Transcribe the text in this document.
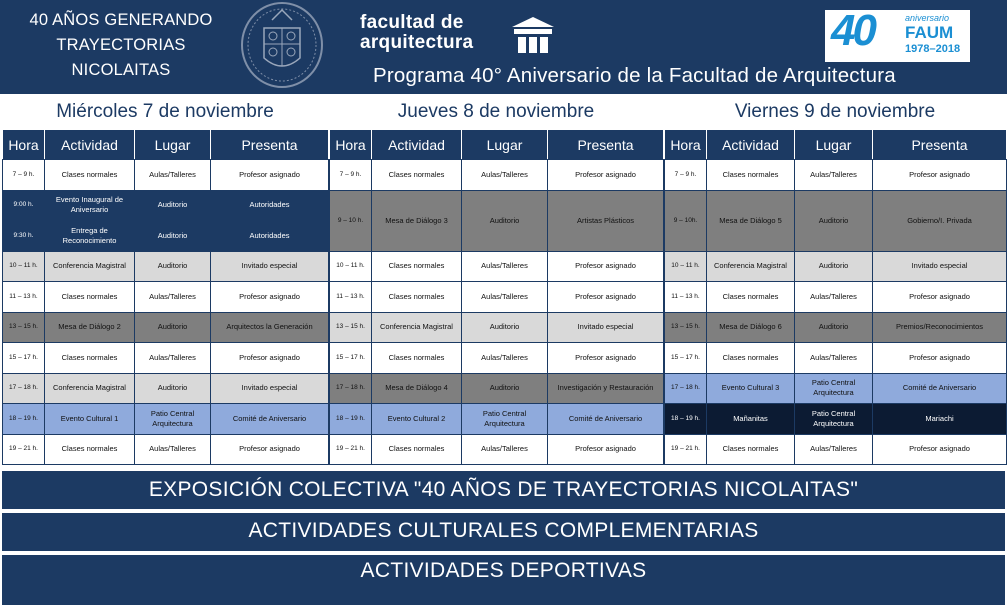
40 AÑOS GENERANDO
TRAYECTORIAS
NICOLAITAS
facultad de
arquitectura	40	aniversario
FAUM
1978–2018
Programa 40° Aniversario de la Facultad de Arquitectura
Miércoles 7 de noviembre
Hora	Actividad	Lugar	Presenta
7 – 9 h.	Clases normales	Aulas/Talleres	Profesor asignado
9:00 h.	Evento Inaugural de Aniversario	Auditorio	Autoridades
9:30 h.	Entrega de Reconocimiento	Auditorio	Autoridades
10 – 11 h.	Conferencia Magistral	Auditorio	Invitado especial
11 – 13 h.	Clases normales	Aulas/Talleres	Profesor asignado
13 – 15 h.	Mesa de Diálogo 2	Auditorio	Arquitectos la Generación
15 – 17 h.	Clases normales	Aulas/Talleres	Profesor asignado
17 – 18 h.	Conferencia Magistral	Auditorio	Invitado especial
18 – 19 h.	Evento Cultural 1	Patio Central Arquitectura	Comité de Aniversario
19 – 21 h.	Clases normales	Aulas/Talleres	Profesor asignado
Jueves 8 de noviembre
Hora	Actividad	Lugar	Presenta
7 – 9 h.	Clases normales	Aulas/Talleres	Profesor asignado
9 – 10 h.	Mesa de Diálogo 3	Auditorio	Artistas Plásticos

10 – 11 h.	Clases normales	Aulas/Talleres	Profesor asignado
11 – 13 h.	Clases normales	Aulas/Talleres	Profesor asignado
13 – 15 h.	Conferencia Magistral	Auditorio	Invitado especial
15 – 17 h.	Clases normales	Aulas/Talleres	Profesor asignado
17 – 18 h.	Mesa de Diálogo 4	Auditorio	Investigación y Restauración
18 – 19 h.	Evento Cultural 2	Patio Central Arquitectura	Comité de Aniversario
19 – 21 h.	Clases normales	Aulas/Talleres	Profesor asignado
Viernes 9 de noviembre
Hora	Actividad	Lugar	Presenta
7 – 9 h.	Clases normales	Aulas/Talleres	Profesor asignado
9 – 10h.	Mesa de Diálogo 5	Auditorio	Gobierno/I. Privada

10 – 11 h.	Conferencia Magistral	Auditorio	Invitado especial
11 – 13 h.	Clases normales	Aulas/Talleres	Profesor asignado
13 – 15 h.	Mesa de Diálogo 6	Auditorio	Premios/Reconocimientos
15 – 17 h.	Clases normales	Aulas/Talleres	Profesor asignado
17 – 18 h.	Evento Cultural 3	Patio Central Arquitectura	Comité de Aniversario
18 – 19 h.	Mañanitas	Patio Central Arquitectura	Mariachi
19 – 21 h.	Clases normales	Aulas/Talleres	Profesor asignado
EXPOSICIÓN COLECTIVA "40 AÑOS DE TRAYECTORIAS NICOLAITAS"
ACTIVIDADES CULTURALES COMPLEMENTARIAS
ACTIVIDADES DEPORTIVAS
